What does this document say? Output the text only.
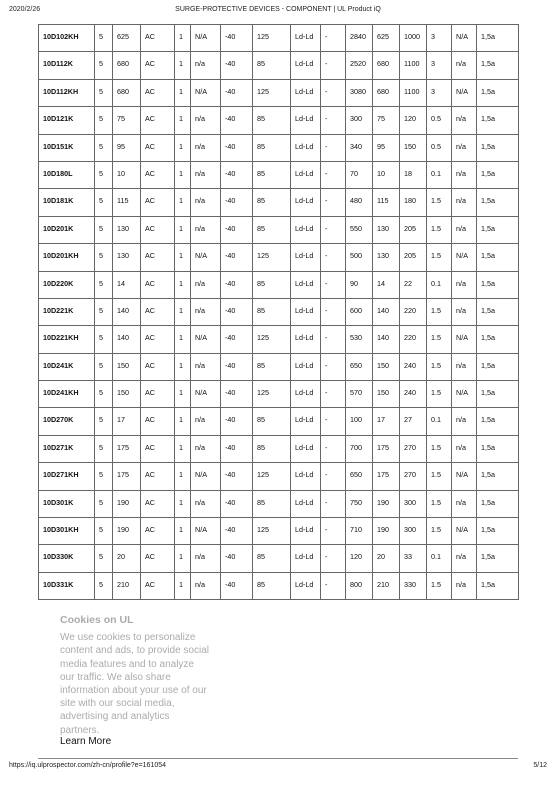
2020/2/26	SURGE-PROTECTIVE DEVICES - COMPONENT | UL Product iQ
10D102KH	5	625	AC	1	N/A	-40	125	Ld-Ld	-	2840	625	1000	3	N/A	1,5a
10D112K	5	680	AC	1	n/a	-40	85	Ld-Ld	-	2520	680	1100	3	n/a	1,5a
10D112KH	5	680	AC	1	N/A	-40	125	Ld-Ld	-	3080	680	1100	3	N/A	1,5a
10D121K	5	75	AC	1	n/a	-40	85	Ld-Ld	-	300	75	120	0.5	n/a	1,5a
10D151K	5	95	AC	1	n/a	-40	85	Ld-Ld	-	340	95	150	0.5	n/a	1,5a
10D180L	5	10	AC	1	n/a	-40	85	Ld-Ld	-	70	10	18	0.1	n/a	1,5a
10D181K	5	115	AC	1	n/a	-40	85	Ld-Ld	-	480	115	180	1.5	n/a	1,5a
10D201K	5	130	AC	1	n/a	-40	85	Ld-Ld	-	550	130	205	1.5	n/a	1,5a
10D201KH	5	130	AC	1	N/A	-40	125	Ld-Ld	-	500	130	205	1.5	N/A	1,5a
10D220K	5	14	AC	1	n/a	-40	85	Ld-Ld	-	90	14	22	0.1	n/a	1,5a
10D221K	5	140	AC	1	n/a	-40	85	Ld-Ld	-	600	140	220	1.5	n/a	1,5a
10D221KH	5	140	AC	1	N/A	-40	125	Ld-Ld	-	530	140	220	1.5	N/A	1,5a
10D241K	5	150	AC	1	n/a	-40	85	Ld-Ld	-	650	150	240	1.5	n/a	1,5a
10D241KH	5	150	AC	1	N/A	-40	125	Ld-Ld	-	570	150	240	1.5	N/A	1,5a
10D270K	5	17	AC	1	n/a	-40	85	Ld-Ld	-	100	17	27	0.1	n/a	1,5a
10D271K	5	175	AC	1	n/a	-40	85	Ld-Ld	-	700	175	270	1.5	n/a	1,5a
10D271KH	5	175	AC	1	N/A	-40	125	Ld-Ld	-	650	175	270	1.5	N/A	1,5a
10D301K	5	190	AC	1	n/a	-40	85	Ld-Ld	-	750	190	300	1.5	n/a	1,5a
10D301KH	5	190	AC	1	N/A	-40	125	Ld-Ld	-	710	190	300	1.5	N/A	1,5a
10D330K	5	20	AC	1	n/a	-40	85	Ld-Ld	-	120	20	33	0.1	n/a	1,5a
10D331K	5	210	AC	1	n/a	-40	85	Ld-Ld	-	800	210	330	1.5	n/a	1,5a
Cookies on UL
We use cookies to personalize content and ads, to provide social media features and to analyze our traffic. We also share information about your use of our site with our social media, advertising and analytics partners.
Learn More
https://iq.ulprospector.com/zh-cn/profile?e=161054	5/12
